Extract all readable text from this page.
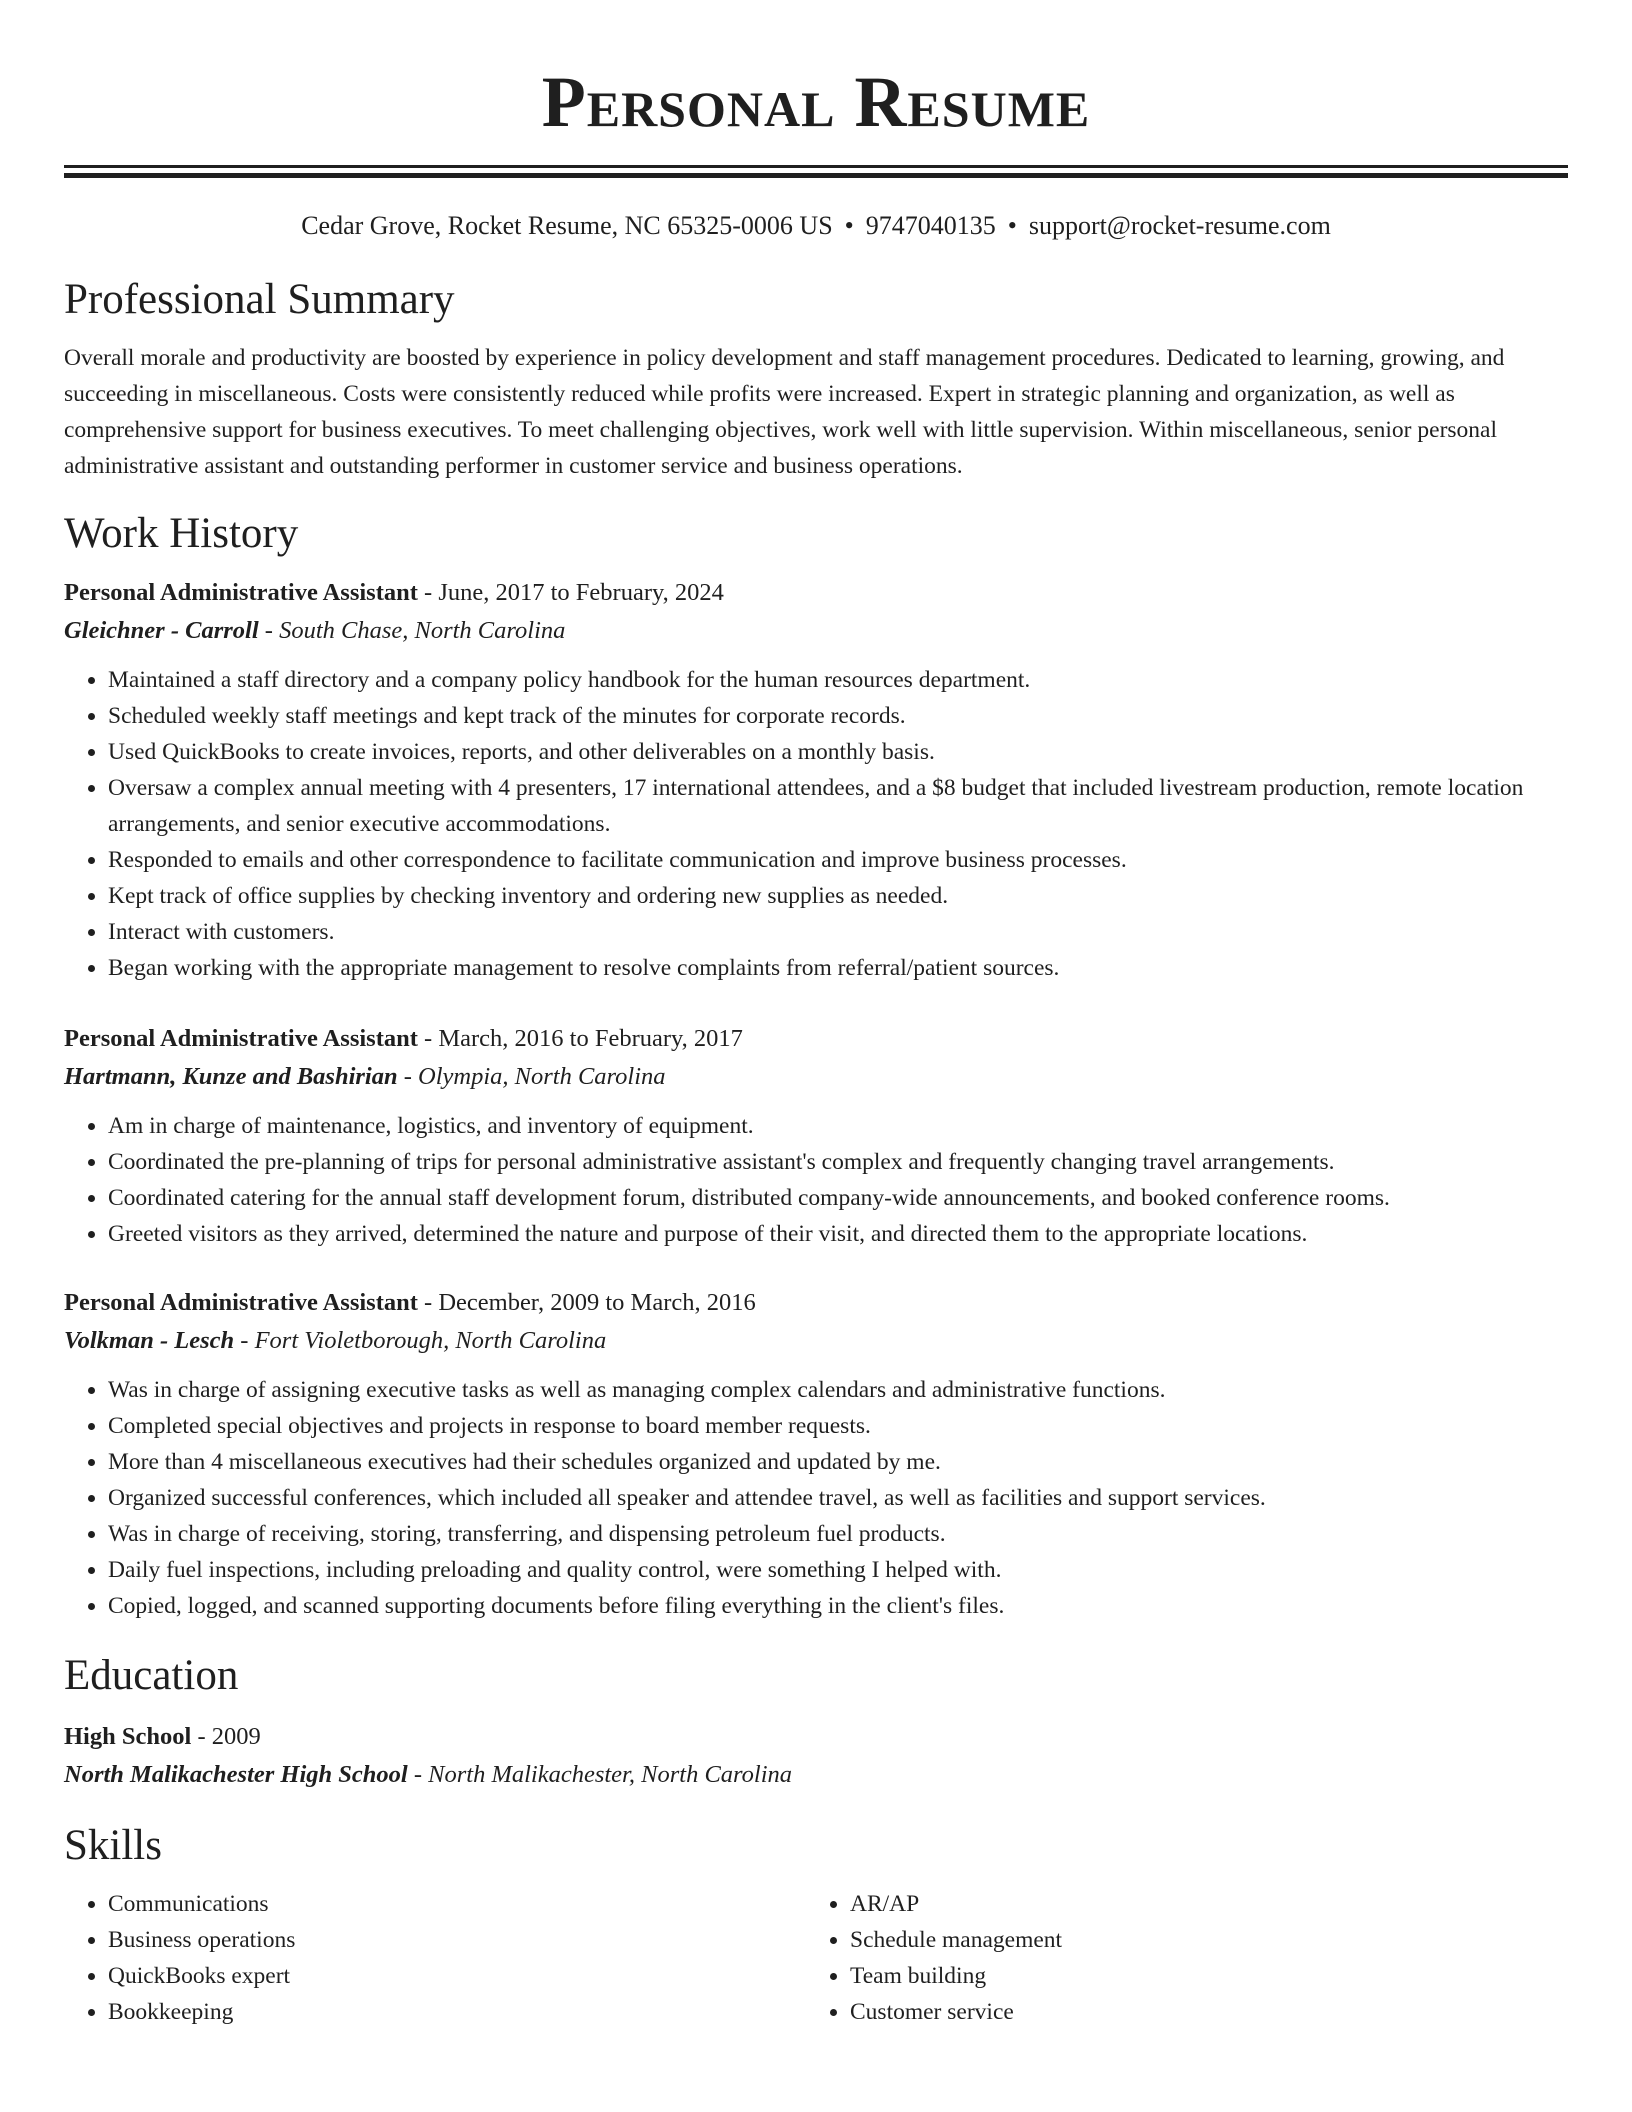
Personal Resume
Cedar Grove, Rocket Resume, NC 65325-0006 US • 9747040135 • support@rocket-resume.com
Professional Summary

Overall morale and productivity are boosted by experience in policy development and staff management procedures. Dedicated to learning, growing, and succeeding in miscellaneous. Costs were consistently reduced while profits were increased. Expert in strategic planning and organization, as well as comprehensive support for business executives. To meet challenging objectives, work well with little supervision. Within miscellaneous, senior personal administrative assistant and outstanding performer in customer service and business operations.

Work History
Personal Administrative Assistant - June, 2017 to February, 2024
Gleichner - Carroll - South Chase, North Carolina
• Maintained a staff directory and a company policy handbook for the human resources department.
• Scheduled weekly staff meetings and kept track of the minutes for corporate records.
• Used QuickBooks to create invoices, reports, and other deliverables on a monthly basis.
• Oversaw a complex annual meeting with 4 presenters, 17 international attendees, and a $8 budget that included livestream production, remote location arrangements, and senior executive accommodations.
• Responded to emails and other correspondence to facilitate communication and improve business processes.
• Kept track of office supplies by checking inventory and ordering new supplies as needed.
• Interact with customers.
• Began working with the appropriate management to resolve complaints from referral/patient sources.
Personal Administrative Assistant - March, 2016 to February, 2017
Hartmann, Kunze and Bashirian - Olympia, North Carolina
• Am in charge of maintenance, logistics, and inventory of equipment.
• Coordinated the pre-planning of trips for personal administrative assistant's complex and frequently changing travel arrangements.
• Coordinated catering for the annual staff development forum, distributed company-wide announcements, and booked conference rooms.
• Greeted visitors as they arrived, determined the nature and purpose of their visit, and directed them to the appropriate locations.
Personal Administrative Assistant - December, 2009 to March, 2016
Volkman - Lesch - Fort Violetborough, North Carolina
• Was in charge of assigning executive tasks as well as managing complex calendars and administrative functions.
• Completed special objectives and projects in response to board member requests.
• More than 4 miscellaneous executives had their schedules organized and updated by me.
• Organized successful conferences, which included all speaker and attendee travel, as well as facilities and support services.
• Was in charge of receiving, storing, transferring, and dispensing petroleum fuel products.
• Daily fuel inspections, including preloading and quality control, were something I helped with.
• Copied, logged, and scanned supporting documents before filing everything in the client's files.
Education
High School - 2009
North Malikachester High School - North Malikachester, North Carolina
Skills
• Communications
• Business operations
• QuickBooks expert
• Bookkeeping
• AR/AP
• Schedule management
• Team building
• Customer service
